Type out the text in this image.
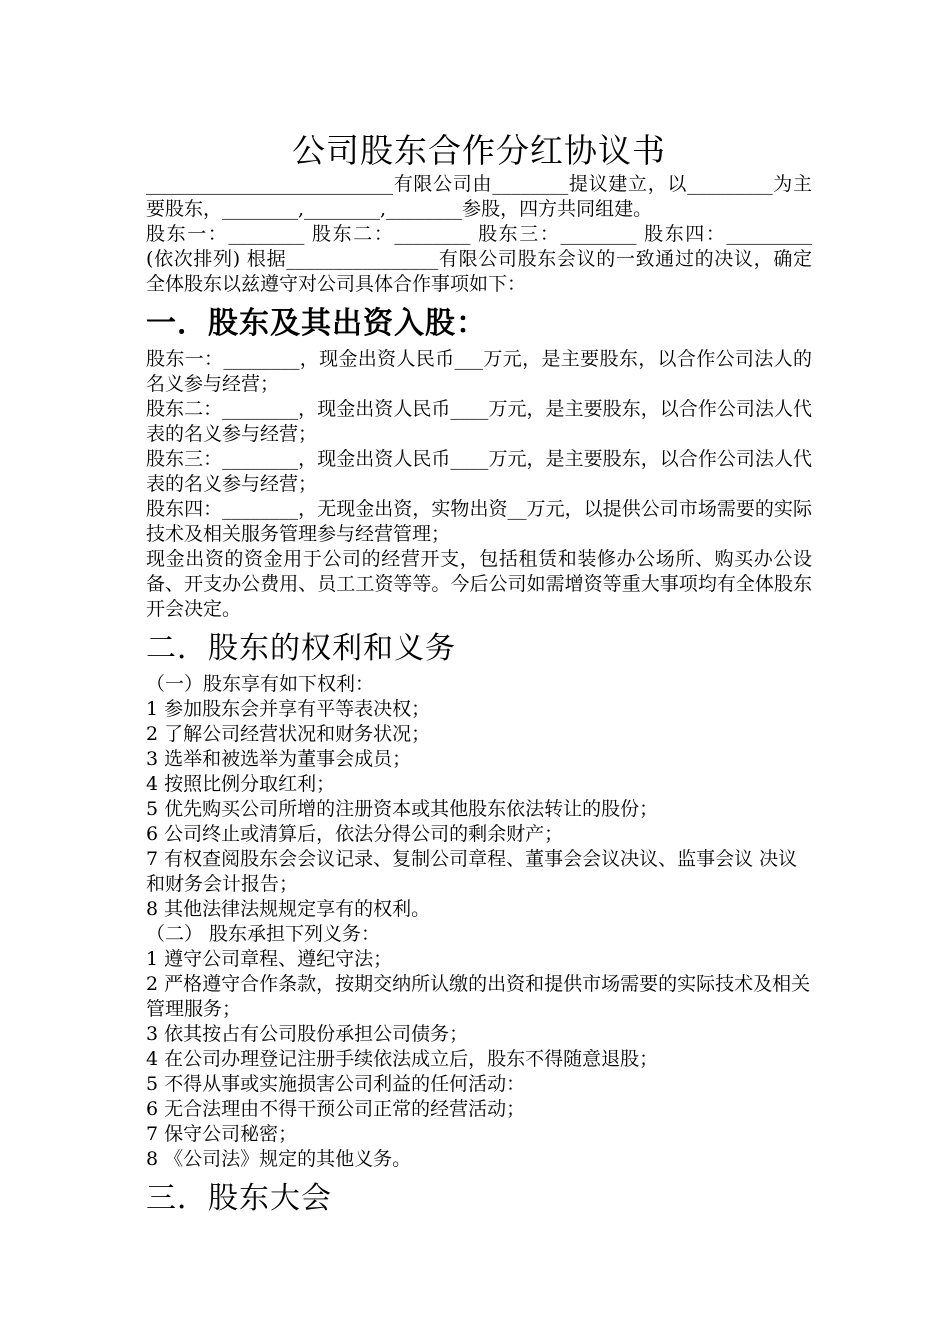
公司股东合作分红协议书

__________________________有限公司由________提议建立，以_________为主要股东，________,________,________参股，四方共同组建。

股东一：________ 股东二：________ 股东三：________ 股东四：_________ (依次排列) 根据________________有限公司股东会议的一致通过的决议，确定全体股东以兹遵守对公司具体合作事项如下：

一．股东及其出资入股：

股东一：________，现金出资人民币___万元，是主要股东，以合作公司法人的名义参与经营；

股东二：________，现金出资人民币____万元，是主要股东，以合作公司法人代表的名义参与经营；

股东三：________，现金出资人民币____万元，是主要股东，以合作公司法人代表的名义参与经营；

股东四：________，无现金出资，实物出资__万元，以提供公司市场需要的实际技术及相关服务管理参与经营管理；

现金出资的资金用于公司的经营开支，包括租赁和装修办公场所、购买办公设备、开支办公费用、员工工资等等。今后公司如需增资等重大事项均有全体股东开会决定。

二．股东的权利和义务

（一）股东享有如下权利：

1 参加股东会并享有平等表决权；
2 了解公司经营状况和财务状况；
3 选举和被选举为董事会成员；
4 按照比例分取红利；
5 优先购买公司所增的注册资本或其他股东依法转让的股份；
6 公司终止或清算后，依法分得公司的剩余财产；
7 有权查阅股东会会议记录、复制公司章程、董事会会议决议、监事会议 决议和财务会计报告；
8 其他法律法规规定享有的权利。

（二） 股东承担下列义务：

1 遵守公司章程、遵纪守法；
2 严格遵守合作条款，按期交纳所认缴的出资和提供市场需要的实际技术及相关管理服务；
3 依其按占有公司股份承担公司债务；
4 在公司办理登记注册手续依法成立后，股东不得随意退股；
5 不得从事或实施损害公司利益的任何活动：
6 无合法理由不得干预公司正常的经营活动；
7 保守公司秘密；
8 《公司法》规定的其他义务。
三．股东大会
